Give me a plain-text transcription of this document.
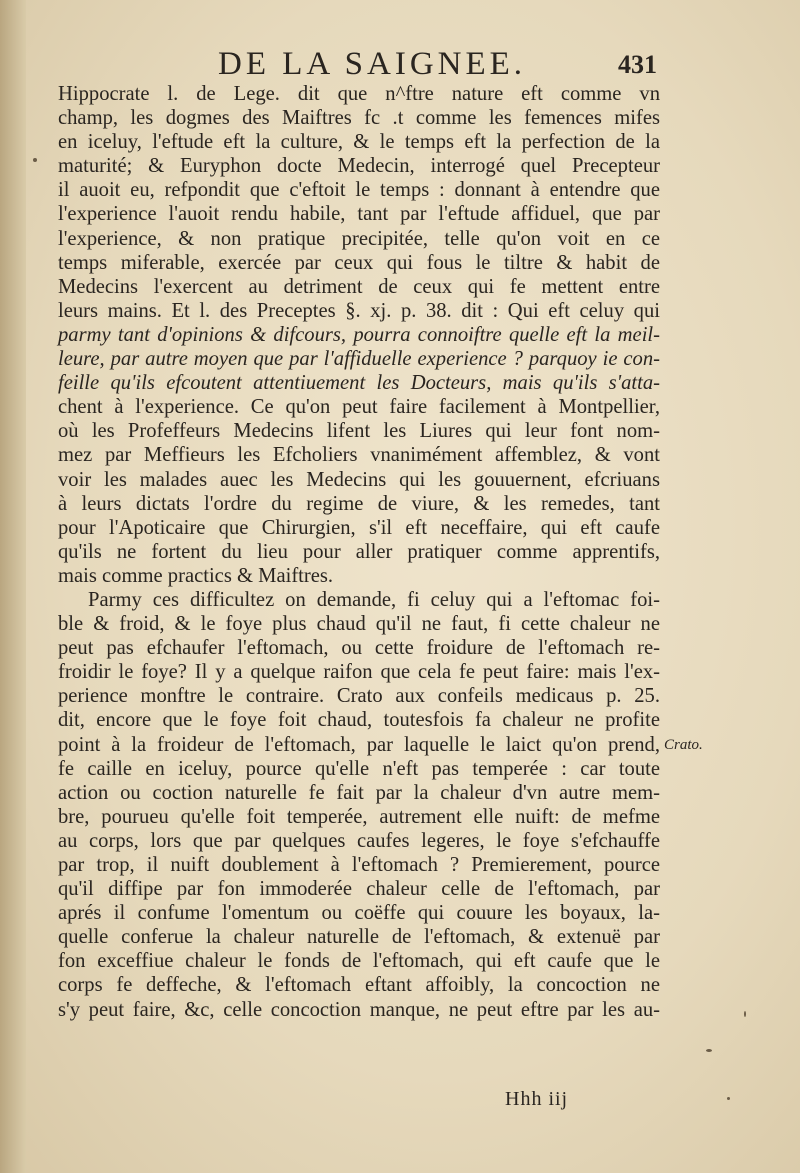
DE LA SAIGNEE.	431
Hippocrate l. de Lege. dit que n^ftre nature eft comme vn
champ, les dogmes des Maiftres fc .t comme les femences mifes
en iceluy, l'eftude eft la culture, & le temps eft la perfection de la
maturité; & Euryphon docte Medecin, interrogé quel Precepteur
il auoit eu, refpondit que c'eftoit le temps : donnant à entendre que
l'experience l'auoit rendu habile, tant par l'eftude affiduel, que par
l'experience, & non pratique precipitée, telle qu'on voit en ce
temps miferable, exercée par ceux qui fous le tiltre & habit de
Medecins l'exercent au detriment de ceux qui fe mettent entre
leurs mains. Et l. des Preceptes §. xj. p. 38. dit : Qui eft celuy qui
parmy tant d'opinions & difcours, pourra connoiftre quelle eft la meil-
leure, par autre moyen que par l'affiduelle experience ? parquoy ie con-
feille qu'ils efcoutent attentiuement les Docteurs, mais qu'ils s'atta-
chent à l'experience. Ce qu'on peut faire facilement à Montpellier,
où les Profeffeurs Medecins lifent les Liures qui leur font nom-
mez par Meffieurs les Efcholiers vnanimément affemblez, & vont
voir les malades auec les Medecins qui les gouuernent, efcriuans
à leurs dictats l'ordre du regime de viure, & les remedes, tant
pour l'Apoticaire que Chirurgien, s'il eft neceffaire, qui eft caufe
qu'ils ne fortent du lieu pour aller pratiquer comme apprentifs,
mais comme practics & Maiftres.
Parmy ces difficultez on demande, fi celuy qui a l'eftomac foi-
ble & froid, & le foye plus chaud qu'il ne faut, fi cette chaleur ne
peut pas efchaufer l'eftomach, ou cette froidure de l'eftomach re-
froidir le foye? Il y a quelque raifon que cela fe peut faire: mais l'ex-
perience monftre le contraire. Crato aux confeils medicaus p. 25.
dit, encore que le foye foit chaud, toutesfois fa chaleur ne profite
point à la froideur de l'eftomach, par laquelle le laict qu'on prend,
fe caille en iceluy, pource qu'elle n'eft pas temperée : car toute
action ou coction naturelle fe fait par la chaleur d'vn autre mem-
bre, pourueu qu'elle foit temperée, autrement elle nuift: de mefme
au corps, lors que par quelques caufes legeres, le foye s'efchauffe
par trop, il nuift doublement à l'eftomach ? Premierement, pource
qu'il diffipe par fon immoderée chaleur celle de l'eftomach, par
aprés il confume l'omentum ou coëffe qui couure les boyaux, la-
quelle conferue la chaleur naturelle de l'eftomach, & extenuë par
fon exceffiue chaleur le fonds de l'eftomach, qui eft caufe que le
corps fe deffeche, & l'eftomach eftant affoibly, la concoction ne
s'y peut faire, &c, celle concoction manque, ne peut eftre par les au-
Crato.
Hhh iij
